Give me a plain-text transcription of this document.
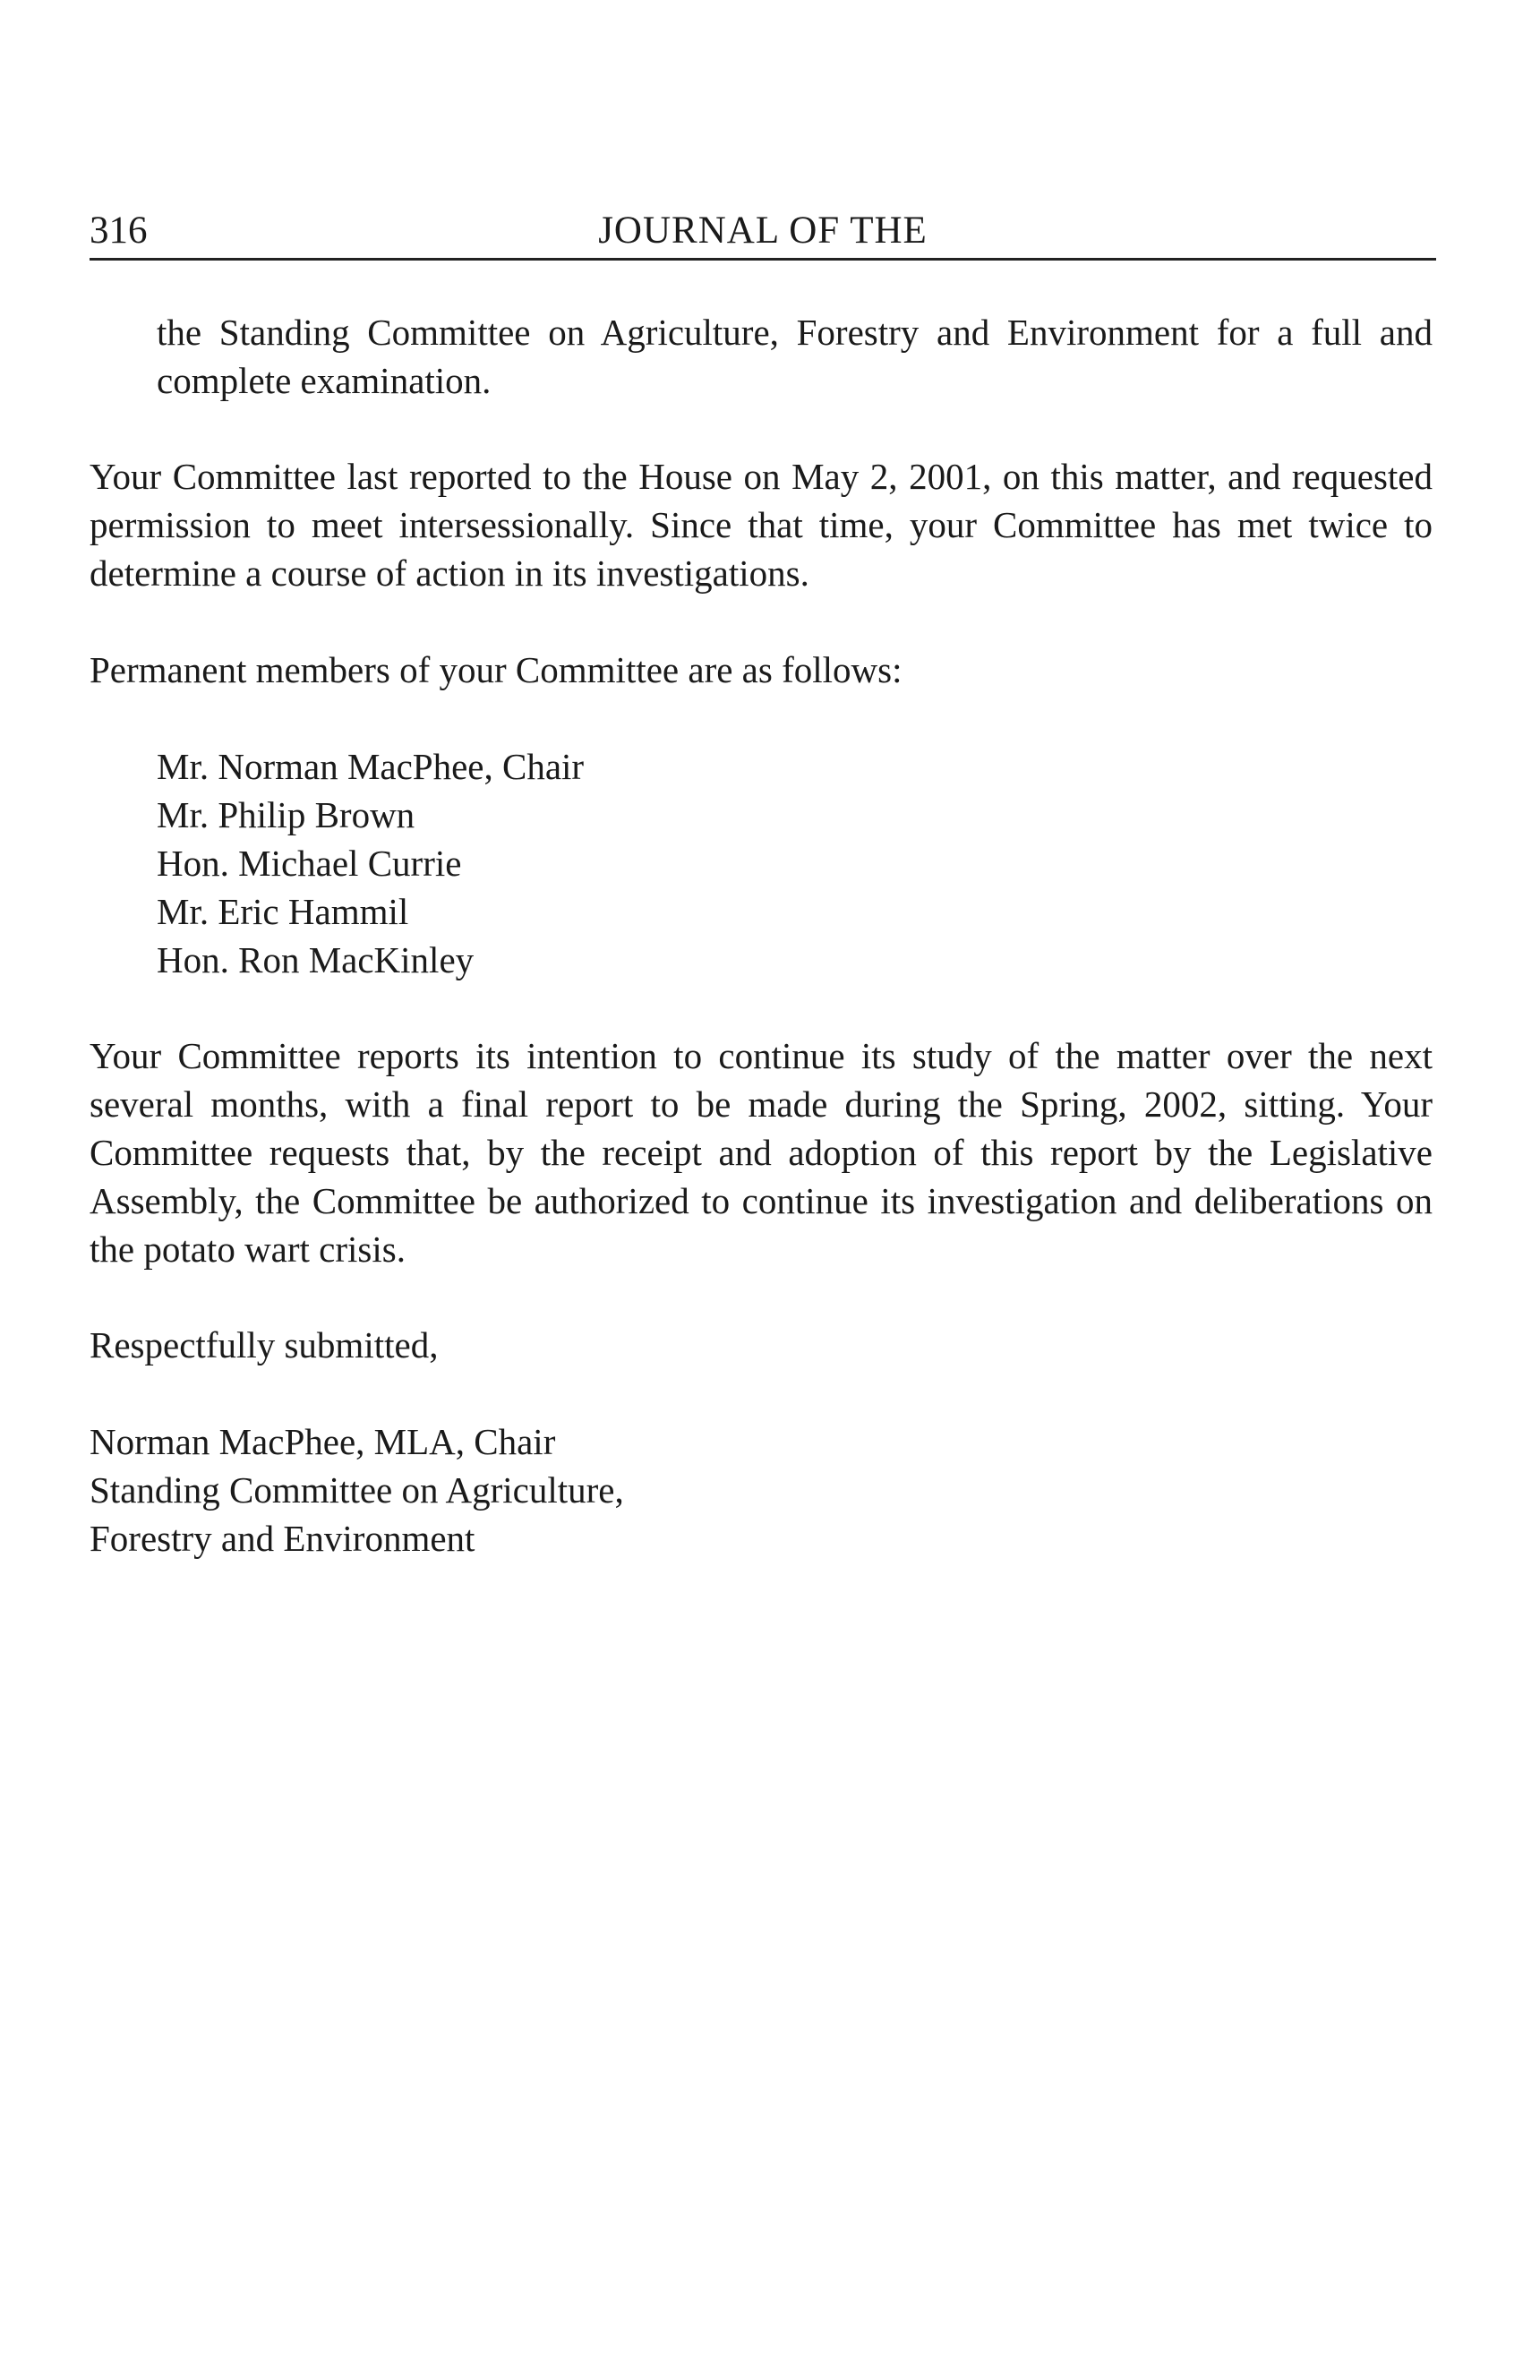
316	JOURNAL OF THE

the Standing Committee on Agriculture, Forestry and Environment for a full and complete examination.

Your Committee last reported to the House on May 2, 2001, on this matter, and requested permission to meet intersessionally. Since that time, your Committee has met twice to determine a course of action in its investigations.

Permanent members of your Committee are as follows:

Mr. Norman MacPhee, Chair
Mr. Philip Brown
Hon. Michael Currie
Mr. Eric Hammil
Hon. Ron MacKinley

Your Committee reports its intention to continue its study of the matter over the next several months, with a final report to be made during the Spring, 2002, sitting. Your Committee requests that, by the receipt and adoption of this report by the Legislative Assembly, the Committee be authorized to continue its investigation and deliberations on the potato wart crisis.

Respectfully submitted,

Norman MacPhee, MLA, Chair
Standing Committee on Agriculture,
Forestry and Environment
